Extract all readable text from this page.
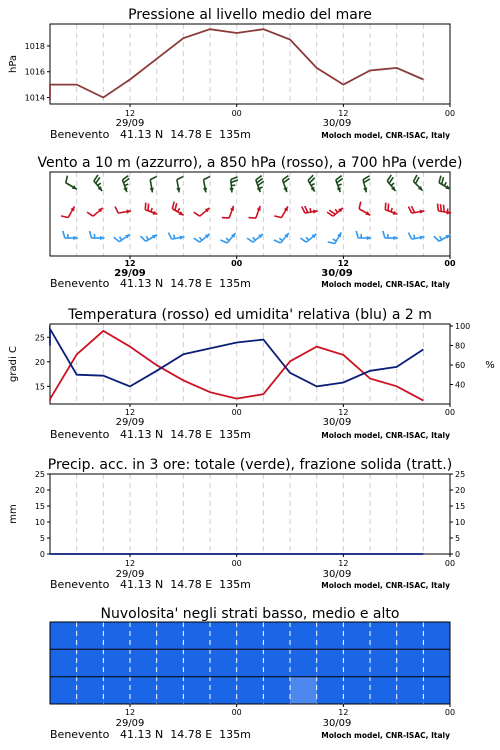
Pressione al livello medio del mare
hPa
1014
1016
1018
12	00	12	00
29/09	30/09
Benevento 41.13 N  14.78 E  135m	Moloch model, CNR-ISAC, Italy
Vento a 10 m (azzurro), a 850 hPa (rosso), a 700 hPa (verde)
12	00	12	00
29/09	30/09
Benevento 41.13 N  14.78 E  135m	Moloch model, CNR-ISAC, Italy
Temperatura (rosso) ed umidita' relativa (blu) a 2 m
gradi C	%
15
20
25
40
60
80
100
12	00	12	00
29/09	30/09
Benevento 41.13 N  14.78 E  135m	Moloch model, CNR-ISAC, Italy
Precip. acc. in 3 ore: totale (verde), frazione solida (tratt.)
mm
0
5
10
15
20
25
0
5
10
15
20
25
12	00	12	00
29/09	30/09
Benevento 41.13 N  14.78 E  135m	Moloch model, CNR-ISAC, Italy
Nuvolosita' negli strati basso, medio e alto
12	00	12	00
29/09	30/09
Benevento 41.13 N  14.78 E  135m	Moloch model, CNR-ISAC, Italy
